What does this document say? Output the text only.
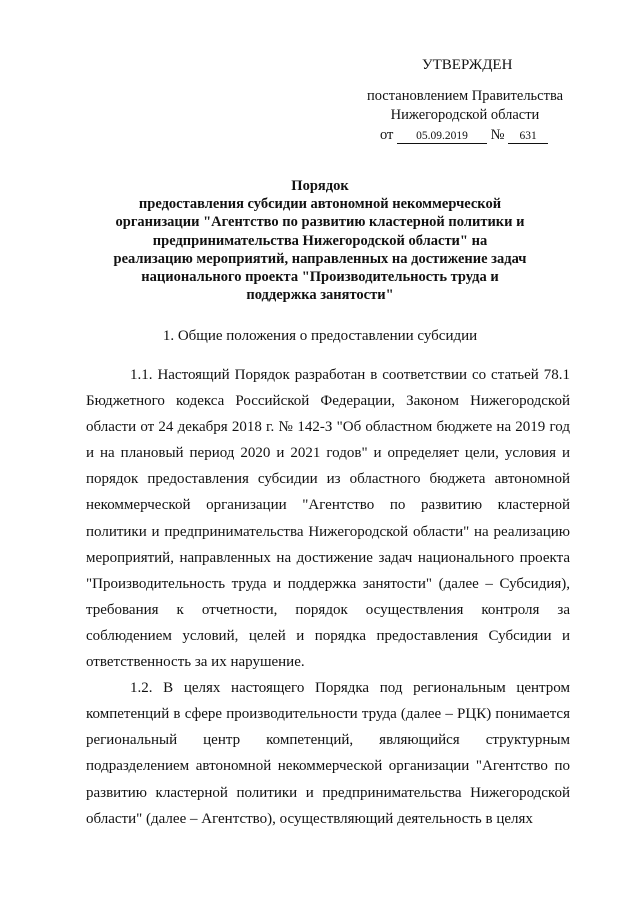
УТВЕРЖДЕН
постановлением Правительства
Нижегородской области
от 05.09.2019 № 631
Порядок
предоставления субсидии автономной некоммерческой
организации "Агентство по развитию кластерной политики и
предпринимательства Нижегородской области" на
реализацию мероприятий, направленных на достижение задач
национального проекта "Производительность труда и
поддержка занятости"
1. Общие положения о предоставлении субсидии

1.1. Настоящий Порядок разработан в соответствии со статьей 78.1 Бюджетного кодекса Российской Федерации, Законом Нижегородской области от 24 декабря 2018 г. № 142-З "Об областном бюджете на 2019 год и на плановый период 2020 и 2021 годов" и определяет цели, условия и порядок предоставления субсидии из областного бюджета автономной некоммерческой организации "Агентство по развитию кластерной политики и предпринимательства Нижегородской области" на реализацию мероприятий, направленных на достижение задач национального проекта "Производительность труда и поддержка занятости" (далее – Субсидия), требования к отчетности, порядок осуществления контроля за соблюдением условий, целей и порядка предоставления Субсидии и ответственность за их нарушение.

1.2. В целях настоящего Порядка под региональным центром компетенций в сфере производительности труда (далее – РЦК) понимается региональный центр компетенций, являющийся структурным подразделением автономной некоммерческой организации "Агентство по развитию кластерной политики и предпринимательства Нижегородской области" (далее – Агентство), осуществляющий деятельность в целях
